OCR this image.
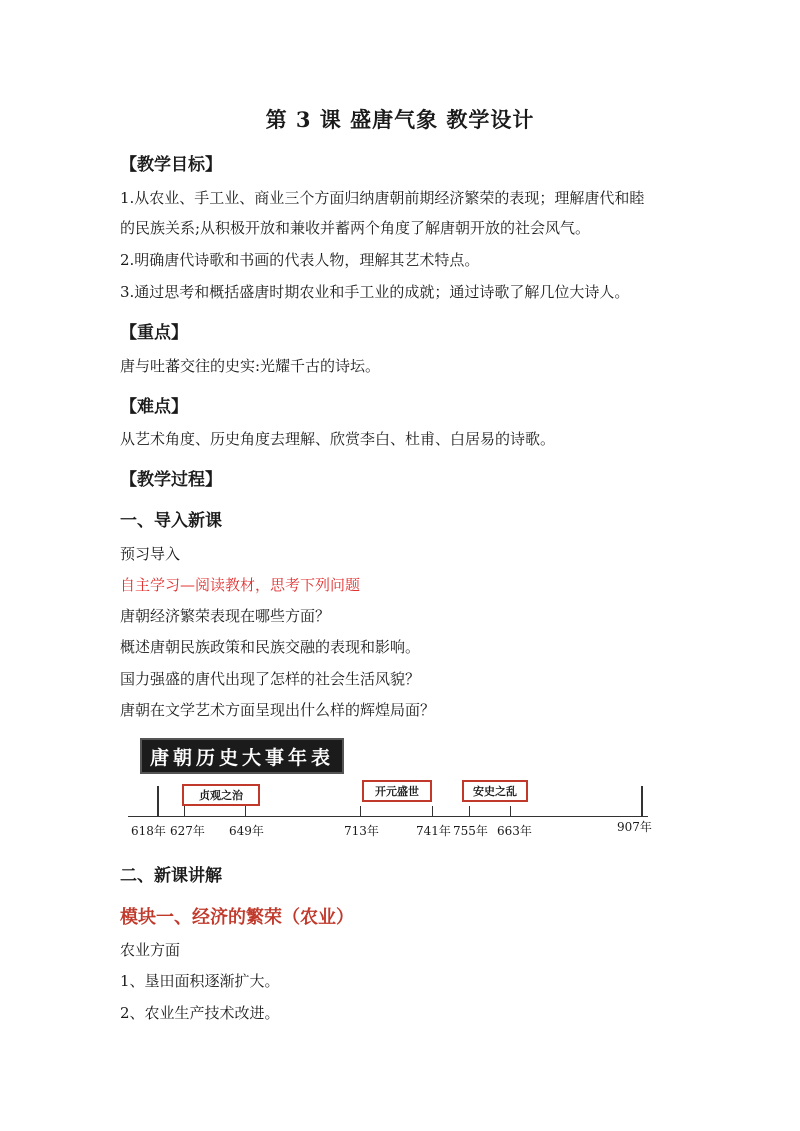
第 3 课 盛唐气象 教学设计
【教学目标】
1.从农业、手工业、商业三个方面归纳唐朝前期经济繁荣的表现；理解唐代和睦
的民族关系;从积极开放和兼收并蓄两个角度了解唐朝开放的社会风气。
2.明确唐代诗歌和书画的代表人物，理解其艺术特点。
3.通过思考和概括盛唐时期农业和手工业的成就；通过诗歌了解几位大诗人。
【重点】
唐与吐蕃交往的史实:光耀千古的诗坛。
【难点】
从艺术角度、历史角度去理解、欣赏李白、杜甫、白居易的诗歌。
【教学过程】
一、导入新课
预习导入
自主学习—阅读教材，思考下列问题
唐朝经济繁荣表现在哪些方面？
概述唐朝民族政策和民族交融的表现和影响。
国力强盛的唐代出现了怎样的社会生活风貌？
唐朝在文学艺术方面呈现出什么样的辉煌局面？
唐朝历史大事年表
贞观之治	开元盛世	安史之乱
618年 627年 649年	713年	741年 755年 663年	907年
二、新课讲解
模块一、经济的繁荣（农业）
农业方面
1、垦田面积逐渐扩大。
2、农业生产技术改进。
